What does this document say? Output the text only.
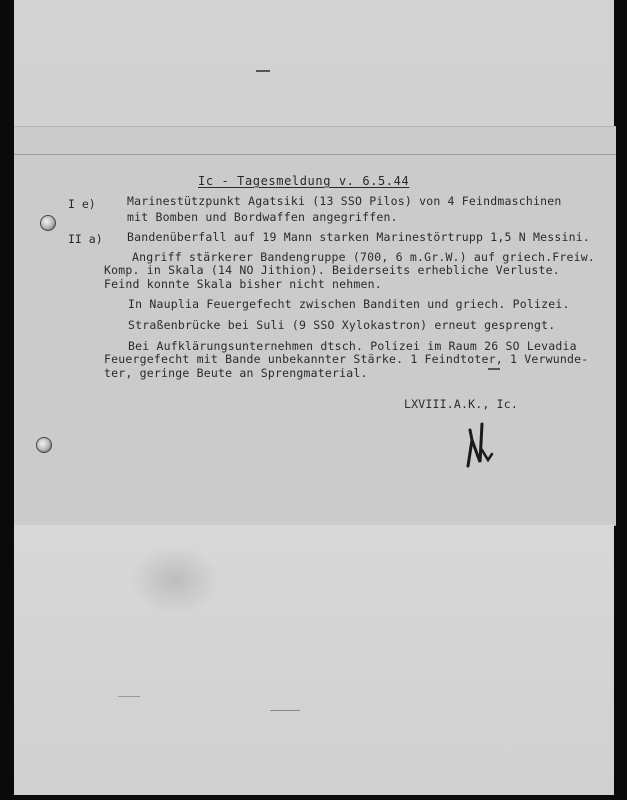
Ic - Tagesmeldung v. 6.5.44
I e)	Marinestützpunkt Agatsiki (13 SSO Pilos) von 4 Feindmaschinen
mit Bomben und Bordwaffen angegriffen.
II a) Bandenüberfall auf 19 Mann starken Marinestörtrupp 1,5 N Messini.
Angriff stärkerer Bandengruppe (700, 6 m.Gr.W.) auf griech.Freiw.
Komp. in Skala (14 NO Jithion). Beiderseits erhebliche Verluste.
Feind konnte Skala bisher nicht nehmen.
In Nauplia Feuergefecht zwischen Banditen und griech. Polizei.
Straßenbrücke bei Suli (9 SSO Xylokastron) erneut gesprengt.
Bei Aufklärungsunternehmen dtsch. Polizei im Raum 26 SO Levadia
Feuergefecht mit Bande unbekannter Stärke. 1 Feindtoter, 1 Verwunde-
ter, geringe Beute an Sprengmaterial.
LXVIII.A.K., Ic.
